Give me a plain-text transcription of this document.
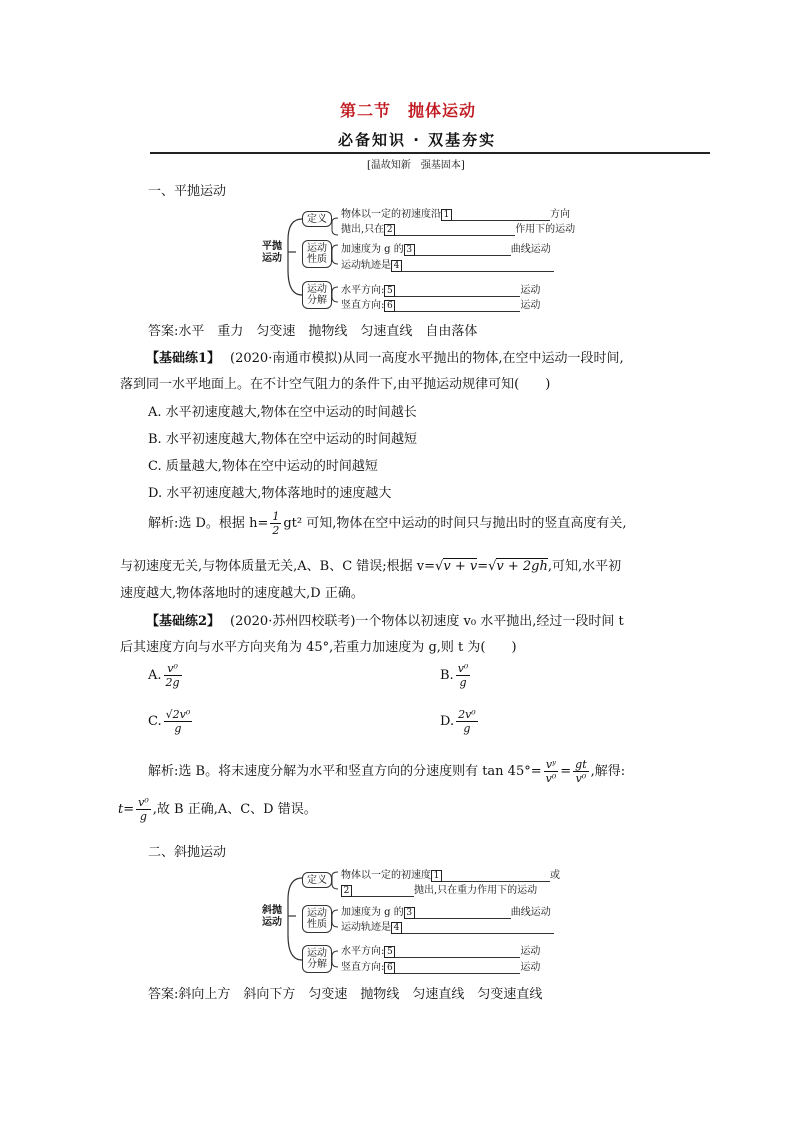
第二节　抛体运动
必备知识 · 双基夯实
[温故知新　强基固本]
一、平抛运动
平抛
运动
定义
运动
性质
运动
分解
物体以一定的初速度沿 1	方向
抛出,只在 2	作用下的运动
加速度为 g 的 3	曲线运动
运动轨迹是 4
水平方向: 5	运动
竖直方向: 6	运动
答案:水平　重力　匀变速　抛物线　匀速直线　自由落体
【基础练1】 (2020·南通市模拟)从同一高度水平抛出的物体,在空中运动一段时间,
落到同一水平地面上。在不计空气阻力的条件下,由平抛运动规律可知(　　)
A. 水平初速度越大,物体在空中运动的时间越长
B. 水平初速度越大,物体在空中运动的时间越短
C. 质量越大,物体在空中运动的时间越短
D. 水平初速度越大,物体落地时的速度越大
解析:选 D。根据 $h= \frac{1}{2} gt^2$ 可知,物体在空中运动的时间只与抛出时的竖直高度有关,
与初速度无关,与物体质量无关,A、B、C 错误;根据 v=√v + v=√v + 2gh,可知,水平初
速度越大,物体落地时的速度越大,D 正确。
【基础练2】 (2020·苏州四校联考)一个物体以初速度 v₀ 水平抛出,经过一段时间 t
后其速度方向与水平方向夹角为 45°,若重力加速度为 g,则 t 为(　　)
A. $\frac{\text{v⁰}}{2g}$	B. $\frac{\text{v⁰}}{g}$
C. $\frac{\text{√2v⁰}}{g}$	D. $\frac{\text{2v⁰}}{g}$
解析:选 B。将末速度分解为水平和竖直方向的分速度则有 $\tan 45^\circ= \frac{\text{vʸ}}{\text{v⁰}} = \frac{gt}{\text{v⁰}}$ ,解得:
$t= \frac{\text{v⁰}}{g}$ ,故 B 正确,A、C、D 错误。
二、斜抛运动
斜抛
运动
定义
运动
性质
运动
分解
物体以一定的初速度 1	或
2	抛出,只在重力作用下的运动
加速度为 g 的 3	曲线运动
运动轨迹是 4
水平方向: 5	运动
竖直方向: 6	运动
答案:斜向上方　斜向下方　匀变速　抛物线　匀速直线　匀变速直线
